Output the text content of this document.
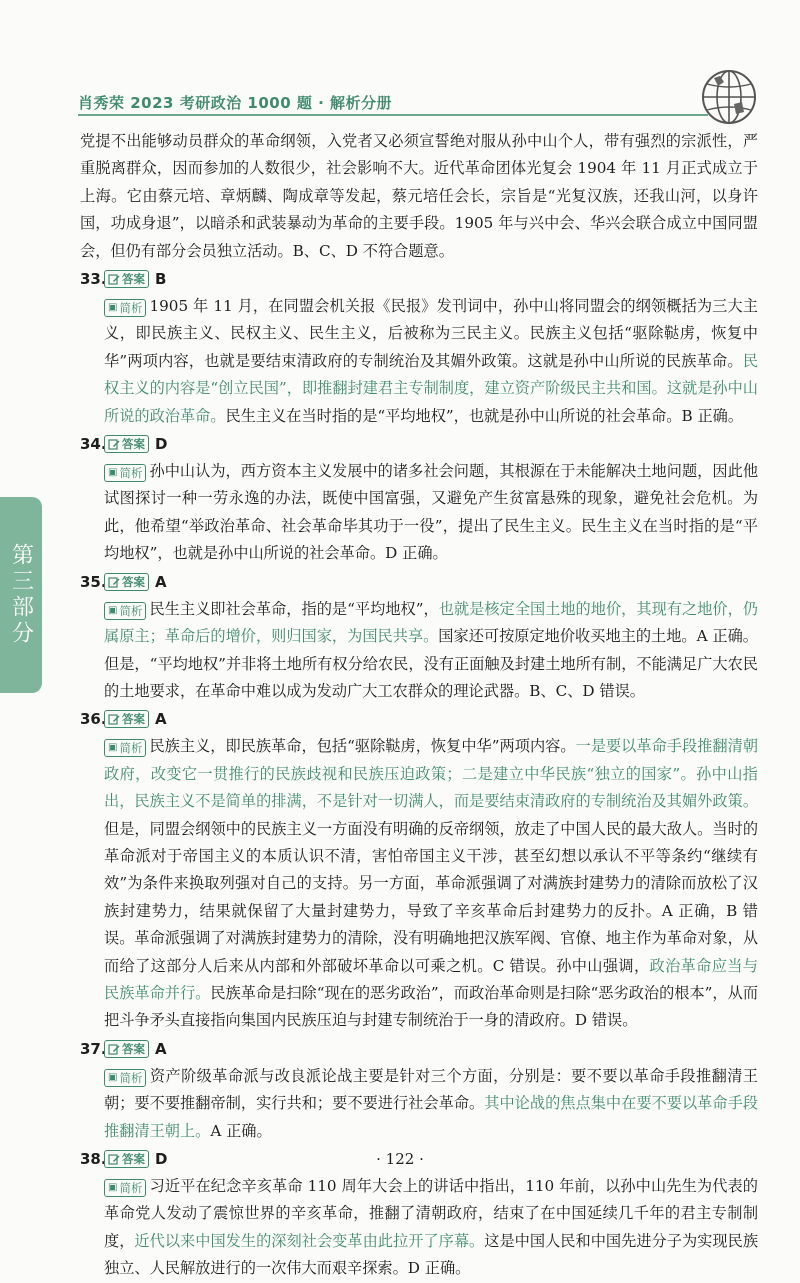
肖秀荣 2023 考研政治 1000 题 · 解析分册
第三部分

党提不出能够动员群众的革命纲领，入党者又必须宣誓绝对服从孙中山个人，带有强烈的宗派性，严重脱离群众，因而参加的人数很少，社会影响不大。近代革命团体光复会 1904 年 11 月正式成立于上海。它由蔡元培、章炳麟、陶成章等发起，蔡元培任会长，宗旨是“光复汉族，还我山河，以身许国，功成身退”，以暗杀和武装暴动为革命的主要手段。1905 年与兴中会、华兴会联合成立中国同盟会，但仍有部分会员独立活动。B、C、D 不符合题意。

33. 答案 B

▣ 简析 1905 年 11 月，在同盟会机关报《民报》发刊词中，孙中山将同盟会的纲领概括为三大主义，即民族主义、民权主义、民生主义，后被称为三民主义。民族主义包括“驱除鞑虏，恢复中华”两项内容，也就是要结束清政府的专制统治及其媚外政策。这就是孙中山所说的民族革命。民权主义的内容是“创立民国”，即推翻封建君主专制制度，建立资产阶级民主共和国。这就是孙中山所说的政治革命。民生主义在当时指的是“平均地权”，也就是孙中山所说的社会革命。B 正确。

34. 答案 D

▣ 简析 孙中山认为，西方资本主义发展中的诸多社会问题，其根源在于未能解决土地问题，因此他试图探讨一种一劳永逸的办法，既使中国富强，又避免产生贫富悬殊的现象，避免社会危机。为此，他希望“举政治革命、社会革命毕其功于一役”，提出了民生主义。民生主义在当时指的是“平均地权”，也就是孙中山所说的社会革命。D 正确。

35. 答案 A

▣ 简析 民生主义即社会革命，指的是“平均地权”，也就是核定全国土地的地价，其现有之地价，仍属原主；革命后的增价，则归国家，为国民共享。国家还可按原定地价收买地主的土地。A 正确。但是，“平均地权”并非将土地所有权分给农民，没有正面触及封建土地所有制，不能满足广大农民的土地要求，在革命中难以成为发动广大工农群众的理论武器。B、C、D 错误。

36. 答案 A

▣ 简析 民族主义，即民族革命，包括“驱除鞑虏，恢复中华”两项内容。一是要以革命手段推翻清朝政府，改变它一贯推行的民族歧视和民族压迫政策；二是建立中华民族“独立的国家”。孙中山指出，民族主义不是简单的排满，不是针对一切满人，而是要结束清政府的专制统治及其媚外政策。但是，同盟会纲领中的民族主义一方面没有明确的反帝纲领，放走了中国人民的最大敌人。当时的革命派对于帝国主义的本质认识不清，害怕帝国主义干涉，甚至幻想以承认不平等条约“继续有效”为条件来换取列强对自己的支持。另一方面，革命派强调了对满族封建势力的清除而放松了汉族封建势力，结果就保留了大量封建势力，导致了辛亥革命后封建势力的反扑。A 正确，B 错误。革命派强调了对满族封建势力的清除，没有明确地把汉族军阀、官僚、地主作为革命对象，从而给了这部分人后来从内部和外部破坏革命以可乘之机。C 错误。孙中山强调，政治革命应当与民族革命并行。民族革命是扫除“现在的恶劣政治”，而政治革命则是扫除“恶劣政治的根本”，从而把斗争矛头直接指向集国内民族压迫与封建专制统治于一身的清政府。D 错误。

37. 答案 A

▣ 简析 资产阶级革命派与改良派论战主要是针对三个方面，分别是：要不要以革命手段推翻清王朝；要不要推翻帝制，实行共和；要不要进行社会革命。其中论战的焦点集中在要不要以革命手段推翻清王朝上。A 正确。

38. 答案 D

▣ 简析 习近平在纪念辛亥革命 110 周年大会上的讲话中指出，110 年前，以孙中山先生为代表的革命党人发动了震惊世界的辛亥革命，推翻了清朝政府，结束了在中国延续几千年的君主专制制度，近代以来中国发生的深刻社会变革由此拉开了序幕。这是中国人民和中国先进分子为实现民族独立、人民解放进行的一次伟大而艰辛探索。D 正确。

· 122 ·
